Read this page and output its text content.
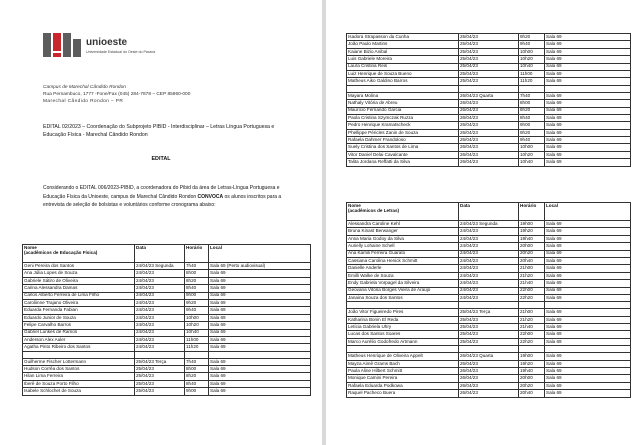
unioeste
Universidade Estadual do Oeste do Paraná
Campus de Marechal Cândido Rondon
Rua Pernambuco, 1777 -Fone/Fax (045) 284-7878 – CEP 85960-000
Marechal Cândido Rondon – PR
EDITAL 02/2023 – Coordenação do Subprojeto PIBID - Interdisciplinar – Letras Língua Portuguesa e Educação Física - Marechal Cândido Rondon
EDITAL
Considerando o EDITAL 006/2023-PIBID, a coordenadora do Pibid da área de Letras-Língua Portuguesa e Educação Física da Unioeste, campus de Marechal Cândido Rondon CONVOCA os alunos inscritos para a entrevista de seleção de bolsistas e voluntários conforme cronograma abaixo:
Nome
(acadêmicos de Educação Física)	Data	Horário	Local
Geni Pereira dos Santos	24/04/23 Segunda	7h40	Sala 69 (Perto audiovisual)
Ana Júlia Lopes de Souza	24/04/23	8h00	Sala 69
Gabriele Sátiro de Oliveira	24/04/23	8h20	Sala 69
Carina Alessandra Damas	24/04/23	8h40	Sala 69
Carlos Alberto Ferreira de Lima Filho	24/04/23	9h00	Sala 69
Caroliinne Trajano Oliveira	24/04/23	9h20	Sala 69
Eduarda Fernanda Fabian	24/04/23	9h40	Sala 69
Eduardo Junior de Souza	24/04/23	10h00	Sala 69
Felipe Carvalho Barros	24/04/23	10h20	Sala 69
Gabriel Lunkes de Ramos	24/04/23	10h40	Sala 69
Anderson Alex Auler	24/04/23	11h00	Sala 69
Agatha Pinto Ribeiro dos Santos	24/04/23	11h20	Sala 69

Guilherme Fischer Lottermann	25/04/23 Terça	7h40	Sala 69
Hudson Corrêa dos Santos	25/04/23	8h00	Sala 69
Hilan Lima Ferreira	25/04/23	8h20	Sala 69
Iberê de Souza Porto Filho	25/04/23	8h40	Sala 69
Isabele Schlochet de Souza	25/04/23	9h00	Sala 69
Isadora Strapasson da Cunha	25/04/23	9h20	Sala 69
João Paulo Martins	25/04/23	9h40	Sala 69
Kaiane Bizio Anibal	25/04/23	10h00	Sala 69
Luis Gabriele Moreira	25/04/23	10h20	Sala 69
Laura Cristina Reis	25/04/23	10h40	Sala 69
Luiz Henrique de Souza Bueno	25/04/23	11h00	Sala 69
Matheus Aiko Galdino Barros	25/04/23	11h20	Sala 69

Mayara Molina	26/04/23 Quarta	7h40	Sala 69
Nathaly Vitória de Abreu	26/04/23	8h00	Sala 69
Maurício Fernando Garcia	26/04/23	8h20	Sala 69
Paola Cristina Szymczak Ruzza	26/04/23	8h40	Sala 69
Pedro Henrique Kramatscheck	26/04/23	9h00	Sala 69
Phellippe Péricles Zanin de Souza	26/04/23	9h20	Sala 69
Rafaela Dahmer Frandoloso	26/04/23	9h40	Sala 69
Suely Cristina dos Santos de Lima	26/04/23	10h00	Sala 69
Vitor Daniel Delai Cavalcante	26/04/23	10h20	Sala 69
Talita Jordana Reffatti da Silva	26/04/23	10h40	Sala 69
Nome
(acadêmicos de Letras)	Data	Horário	Local
Alessandra Caroline Kehl	24/04/23 Segunda	19h00	Sala 69
Bruna Kinast Berwanger	24/04/23	19h20	Sala 69
Anna Maria Godoy da Silva	24/04/23	19h40	Sala 69
Aurielly Lohaine Schell	24/04/23	20h00	Sala 69
Ana Kamili Ferreira Guarato	24/04/23	20h20	Sala 69
Cassiana Carolina Henick Schmitt	24/04/23	20h40	Sala 69
Danielle Anderle	24/04/23	21h00	Sala 69
Emilli Walke de Souza	24/04/23	21h20	Sala 69
Endy Gabriela Vorpagel da Silveira	24/04/23	21h40	Sala 69
Geovana Vitória Borges Vieira de Araújo	24/04/23	22h00	Sala 69
Janaina Souza dos Santos	24/04/23	22h20	Sala 69

João Vitor Figueiredo Pires	25/04/23 Terça	21h00	Sala 69
Katharina Bonin El Reda	25/04/23	21h20	Sala 69
Letícia Gabriela Uhry	25/04/23	21h40	Sala 69
Lucas dos Santos Soares	25/04/23	22h00	Sala 69
Marco Aurélio Godofredo Artmann	25/04/23	22h20	Sala 69

Matheus Henrique de Oliveira Appelt	26/04/23 Quarta	19h00	Sala 69
Mayza Aimê Grams Bach	26/04/23	19h20	Sala 69
Paula Aline Hilbert Schmitt	26/04/23	19h40	Sala 69
Monique Camini Pereira	26/04/23	20h00	Sala 69
Rafaela Eduarda Podkowa	26/04/23	20h20	Sala 69
Raquel Pacheco Buera	26/04/23	20h40	Sala 69
